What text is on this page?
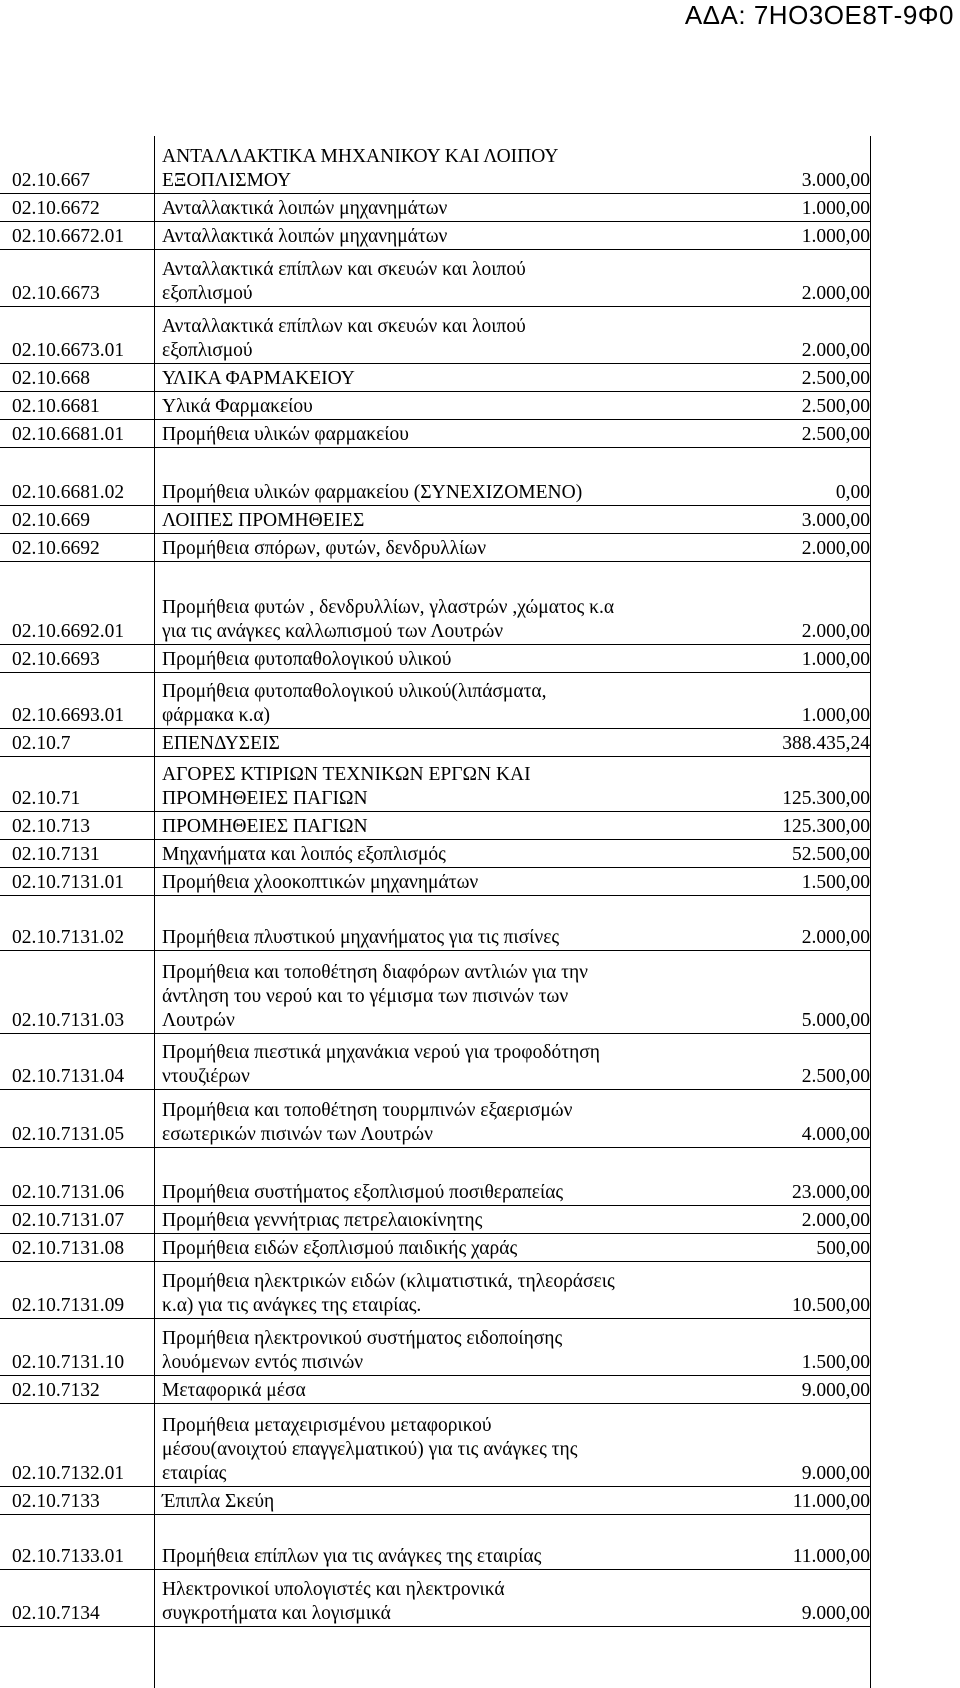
ΑΔΑ: 7ΗΟ3ΟΕ8Τ-9Φ0
02.10.667	ΑΝΤΑΛΛΑΚΤΙΚΑ ΜΗΧΑΝΙΚΟΥ ΚΑΙ ΛΟΙΠΟΥ
ΕΞΟΠΛΙΣΜΟΥ	3.000,00
02.10.6672	Ανταλλακτικά λοιπών μηχανημάτων	1.000,00
02.10.6672.01	Ανταλλακτικά λοιπών μηχανημάτων	1.000,00
02.10.6673	Ανταλλακτικά επίπλων και σκευών και λοιπού
εξοπλισμού	2.000,00
02.10.6673.01	Ανταλλακτικά επίπλων και σκευών και λοιπού
εξοπλισμού	2.000,00
02.10.668	ΥΛΙΚΑ ΦΑΡΜΑΚΕΙΟΥ	2.500,00
02.10.6681	Υλικά Φαρμακείου	2.500,00
02.10.6681.01	Προμήθεια υλικών φαρμακείου	2.500,00
02.10.6681.02	Προμήθεια υλικών φαρμακείου (ΣΥΝΕΧΙΖΟΜΕΝΟ)	0,00
02.10.669	ΛΟΙΠΕΣ ΠΡΟΜΗΘΕΙΕΣ	3.000,00
02.10.6692	Προμήθεια σπόρων, φυτών, δενδρυλλίων	2.000,00
02.10.6692.01	Προμήθεια φυτών , δενδρυλλίων, γλαστρών ,χώματος κ.α
για τις ανάγκες καλλωπισμού των Λουτρών	2.000,00
02.10.6693	Προμήθεια φυτοπαθολογικού υλικού	1.000,00
02.10.6693.01	Προμήθεια φυτοπαθολογικού υλικού(λιπάσματα,
φάρμακα κ.α)	1.000,00
02.10.7	ΕΠΕΝΔΥΣΕΙΣ	388.435,24
02.10.71	ΑΓΟΡΕΣ ΚΤΙΡΙΩΝ ΤΕΧΝΙΚΩΝ ΕΡΓΩΝ ΚΑΙ
ΠΡΟΜΗΘΕΙΕΣ ΠΑΓΙΩΝ	125.300,00
02.10.713	ΠΡΟΜΗΘΕΙΕΣ ΠΑΓΙΩΝ	125.300,00
02.10.7131	Μηχανήματα και λοιπός εξοπλισμός	52.500,00
02.10.7131.01	Προμήθεια χλοοκοπτικών μηχανημάτων	1.500,00
02.10.7131.02	Προμήθεια πλυστικού μηχανήματος για τις πισίνες	2.000,00
02.10.7131.03	Προμήθεια και τοποθέτηση διαφόρων αντλιών για την
άντληση του νερού και το γέμισμα των πισινών των
Λουτρών	5.000,00
02.10.7131.04	Προμήθεια πιεστικά μηχανάκια νερού για τροφοδότηση
ντουζιέρων	2.500,00
02.10.7131.05	Προμήθεια και τοποθέτηση τουρμπινών εξαερισμών
εσωτερικών πισινών των Λουτρών	4.000,00
02.10.7131.06	Προμήθεια συστήματος εξοπλισμού ποσιθεραπείας	23.000,00
02.10.7131.07	Προμήθεια γεννήτριας πετρελαιοκίνητης	2.000,00
02.10.7131.08	Προμήθεια ειδών εξοπλισμού παιδικής χαράς	500,00
02.10.7131.09	Προμήθεια ηλεκτρικών ειδών (κλιματιστικά, τηλεοράσεις
κ.α) για τις ανάγκες της εταιρίας.	10.500,00
02.10.7131.10	Προμήθεια ηλεκτρονικού συστήματος ειδοποίησης
λουόμενων εντός πισινών	1.500,00
02.10.7132	Μεταφορικά μέσα	9.000,00
02.10.7132.01	Προμήθεια μεταχειρισμένου μεταφορικού
μέσου(ανοιχτού επαγγελματικού) για τις ανάγκες της
εταιρίας	9.000,00
02.10.7133	Έπιπλα Σκεύη	11.000,00
02.10.7133.01	Προμήθεια επίπλων για τις ανάγκες της εταιρίας	11.000,00
02.10.7134	Ηλεκτρονικοί υπολογιστές και ηλεκτρονικά
συγκροτήματα και λογισμικά	9.000,00
